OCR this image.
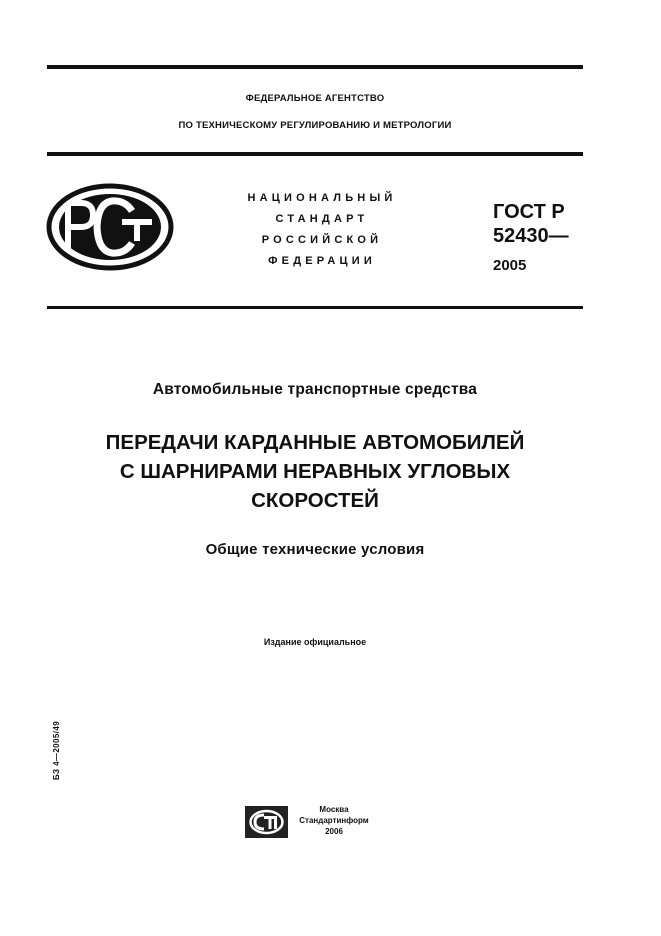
ФЕДЕРАЛЬНОЕ АГЕНТСТВО
ПО ТЕХНИЧЕСКОМУ РЕГУЛИРОВАНИЮ И МЕТРОЛОГИИ
НАЦИОНАЛЬНЫЙ
СТАНДАРТ
РОССИЙСКОЙ
ФЕДЕРАЦИИ
ГОСТ Р
52430—
2005
Автомобильные транспортные средства
ПЕРЕДАЧИ КАРДАННЫЕ АВТОМОБИЛЕЙ
С ШАРНИРАМИ НЕРАВНЫХ УГЛОВЫХ
СКОРОСТЕЙ
Общие технические условия
Издание официальное
БЗ 4—2005/49
Москва
Стандартинформ
2006
